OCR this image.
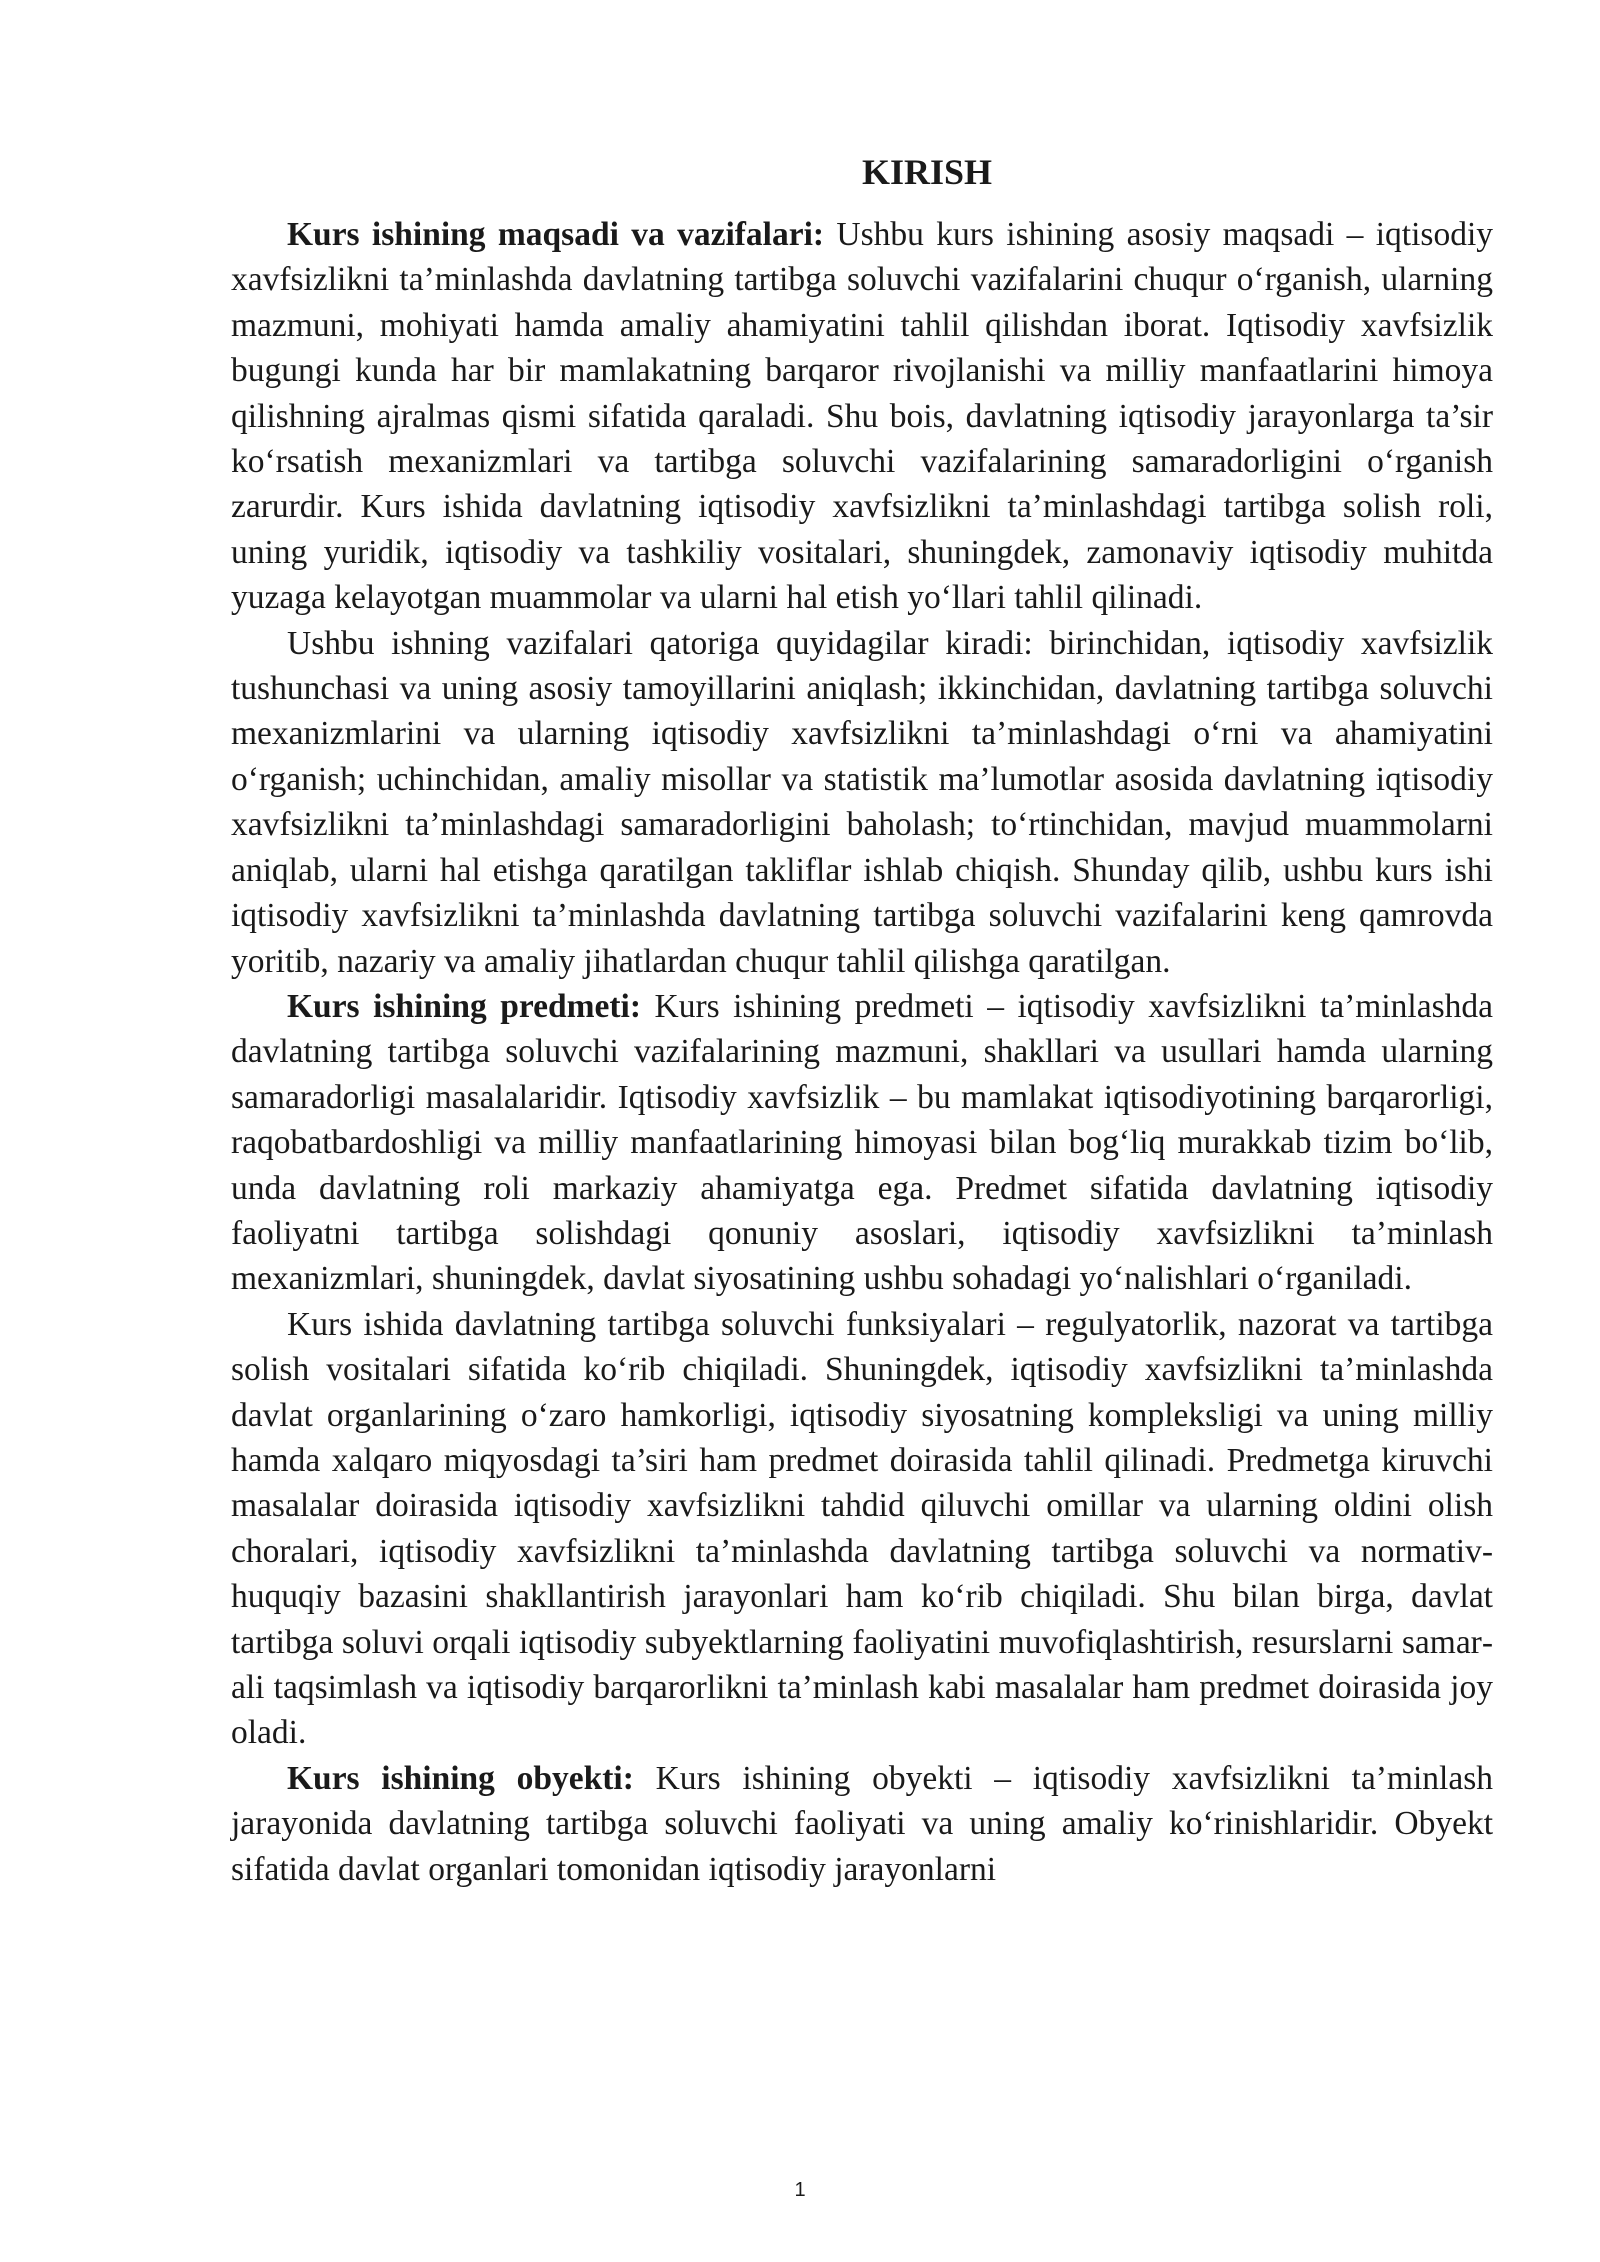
KIRISH

Kurs ishining maqsadi va vazifalari: Ushbu kurs ishining asosiy maqsadi – iqtisodiy xavfsizlikni ta’minlashda davlatning tartibga soluvchi vazifalarini chuqur o‘rganish, ularning mazmuni, mohiyati hamda amaliy ahamiyatini tahlil qilishdan iborat. Iqtisodiy xavfsizlik bugungi kunda har bir mamlakatning barqaror rivojlanishi va milliy manfaatlarini himoya qilishning ajralmas qismi sifatida qaraladi. Shu bois, davlatning iqtisodiy jarayonlarga ta’sir ko‘rsatish mexanizmlari va tartibga soluvchi vazifalarining samaradorligini o‘rganish zarurdir. Kurs ishida davlatning iqtisodiy xavfsizlikni ta’minlashdagi tartibga solish roli, uning yuridik, iqtisodiy va tashkiliy vositalari, shuningdek, zamonaviy iqtisodiy muhitda yuzaga kelayotgan muammolar va ularni hal etish yo‘llari tahlil qilinadi.

Ushbu ishning vazifalari qatoriga quyidagilar kiradi: birinchidan, iqtisodiy xavfsizlik tushunchasi va uning asosiy tamoyillarini aniqlash; ikkinchidan, davlatning tartibga soluvchi mexanizmlarini va ularning iqtisodiy xavfsizlikni ta’minlashdagi o‘rni va ahamiyatini o‘rganish; uchinchidan, amaliy misollar va statistik ma’lumotlar asosida davlatning iqtisodiy xavfsizlikni ta’minlashdagi samaradorligini baholash; to‘rtinchidan, mavjud muammolarni aniqlab, ularni hal etishga qaratilgan takliflar ishlab chiqish. Shunday qilib, ushbu kurs ishi iqtisodiy xavfsizlikni ta’minlashda davlatning tartibga soluvchi vazifalarini keng qamrovda yoritib, nazariy va amaliy jihatlardan chuqur tahlil qilishga qaratilgan.

Kurs ishining predmeti: Kurs ishining predmeti – iqtisodiy xavfsizlikni ta’minlashda davlatning tartibga soluvchi vazifalarining mazmuni, shakllari va usullari hamda ularning samaradorligi masalalaridir. Iqtisodiy xavfsizlik – bu mamlakat iqtisodiyotining barqarorligi, raqobatbardoshligi va milliy manfaatlarining himoyasi bilan bog‘liq murakkab tizim bo‘lib, unda davlatning roli markaziy ahamiyatga ega. Predmet sifatida davlatning iqtisodiy faoliyatni tartibga solishdagi qonuniy asoslari, iqtisodiy xavfsizlikni ta’minlash mexanizmlari, shuningdek, davlat siyosatining ushbu sohadagi yo‘nalishlari o‘rganiladi.

Kurs ishida davlatning tartibga soluvchi funksiyalari – regulyatorlik, nazorat va tartibga solish vositalari sifatida ko‘rib chiqiladi. Shuningdek, iqtisodiy xavfsizlikni ta’minlashda davlat organlarining o‘zaro hamkorligi, iqtisodiy siyosatning kompleksligi va uning milliy hamda xalqaro miqyosdagi ta’siri ham predmet doirasida tahlil qilinadi. Predmetga kiruvchi masalalar doirasida iqtisodiy xavfsizlikni tahdid qiluvchi omillar va ularning oldini olish choralari, iqtisodiy xavfsizlikni ta’minlashda davlatning tartibga soluvchi va normativ-huquqiy bazasini shakllantirish jarayonlari ham ko‘rib chiqiladi. Shu bilan birga, davlat tartibga soluvi orqali iqtisodiy subyektlarning faoliyatini muvofiqlashtirish, resurslarni samarali taqsimlash va iqtisodiy barqarorlikni ta’minlash kabi masalalar ham predmet doirasida joy oladi.

Kurs ishining obyekti: Kurs ishining obyekti – iqtisodiy xavfsizlikni ta’minlash jarayonida davlatning tartibga soluvchi faoliyati va uning amaliy ko‘rinishlaridir. Obyekt sifatida davlat organlari tomonidan iqtisodiy jarayonlarni

1
